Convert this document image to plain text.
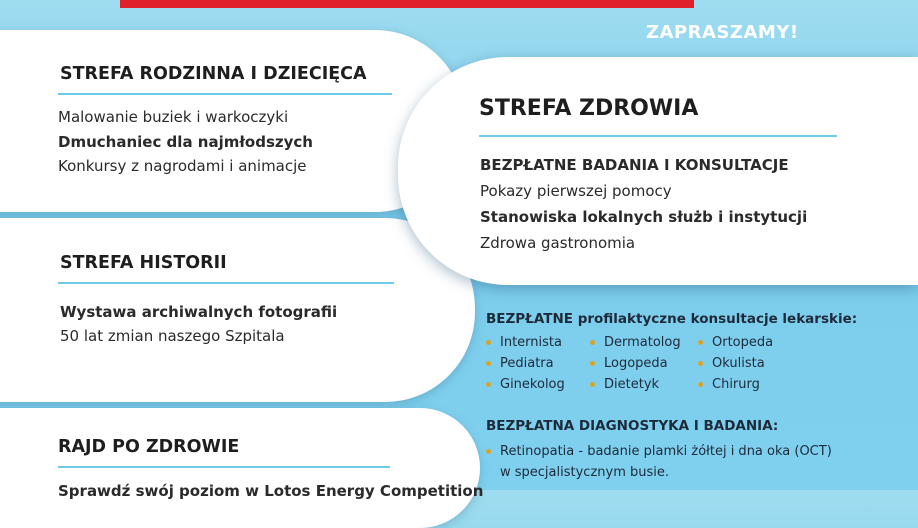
ZAPRASZAMY!
STREFA RODZINNA I DZIECIĘCA
Malowanie buziek i warkoczyki
Dmuchaniec dla najmłodszych
Konkursy z nagrodami i animacje
STREFA HISTORII
Wystawa archiwalnych fotografii
50 lat zmian naszego Szpitala
RAJD PO ZDROWIE
Sprawdź swój poziom w Lotos Energy Competition
STREFA ZDROWIA
BEZPŁATNE BADANIA I KONSULTACJE
Pokazy pierwszej pomocy
Stanowiska lokalnych służb i instytucji
Zdrowa gastronomia
BEZPŁATNE profilaktyczne konsultacje lekarskie:
Internista
Pediatra
Ginekolog
Dermatolog
Logopeda
Dietetyk
Ortopeda
Okulista
Chirurg
BEZPŁATNA DIAGNOSTYKA I BADANIA:
Retinopatia - badanie plamki żółtej i dna oka (OCT)
w specjalistycznym busie.
